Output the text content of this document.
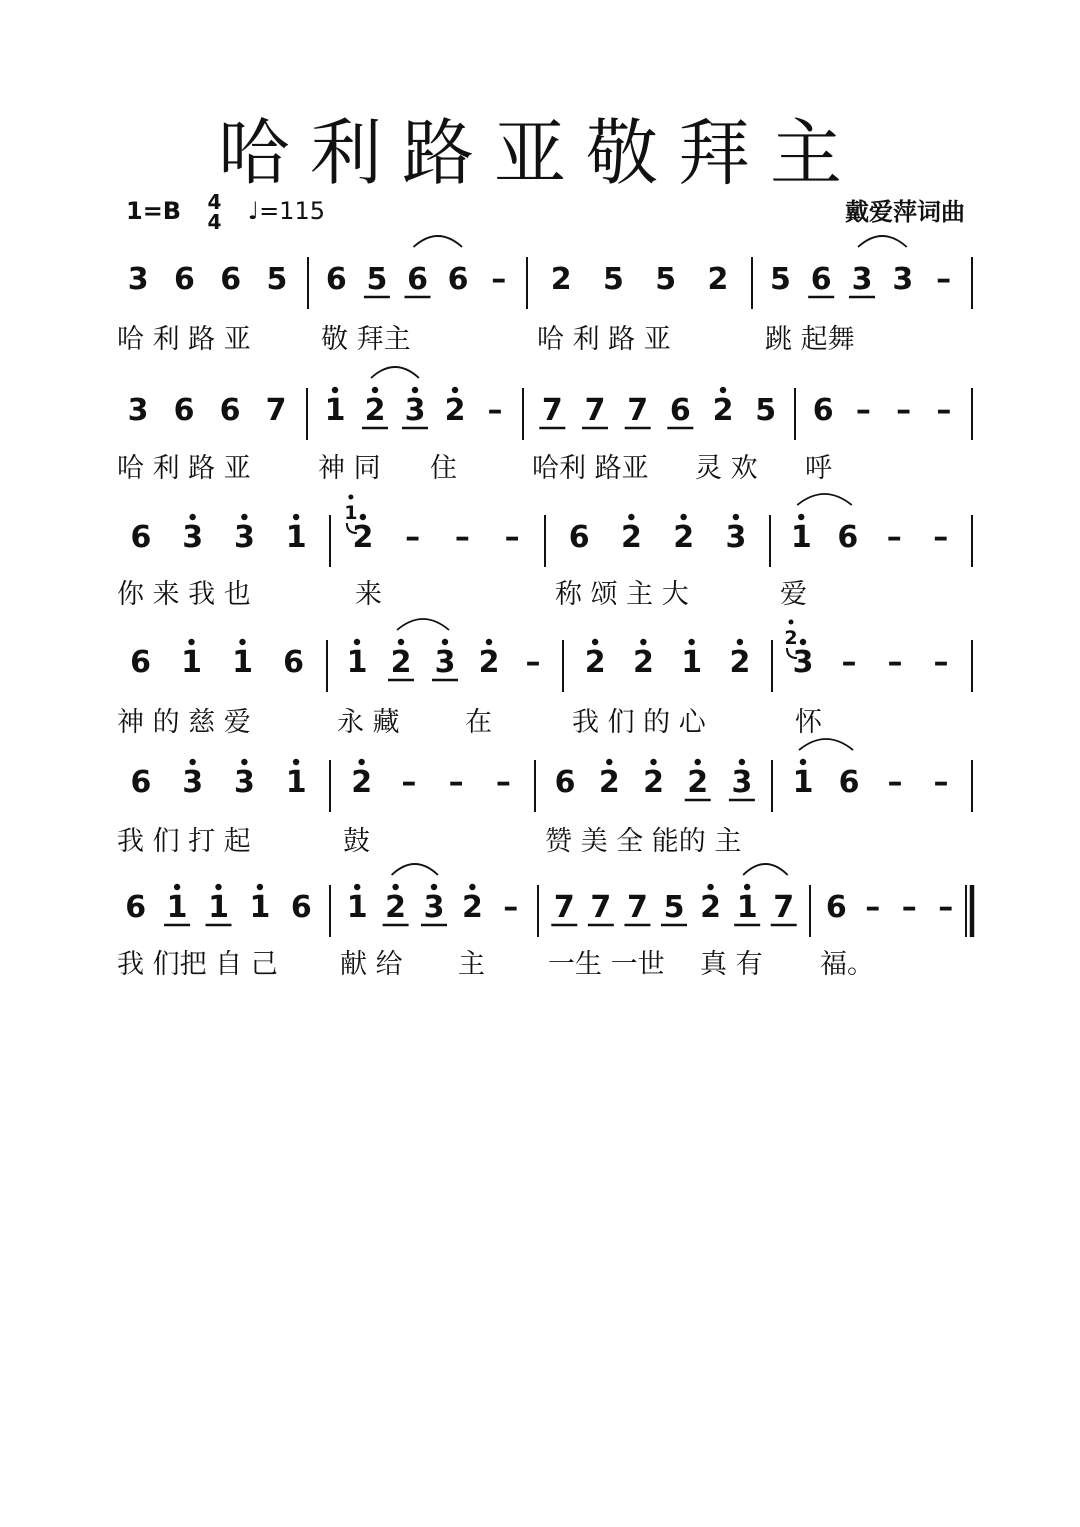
哈利路亚敬拜主
1=B 4
4 ♩=115	戴爱萍词曲
3 6 6 5 6 5 6 6 – 2 5 5 2 5 6 3 3 –
哈 利 路 亚	敬 拜主	哈 利 路 亚	跳 起舞
3 6 6 7 1 2 3 2 – 7 7 7 6 2 5 6 – – –
哈 利 路 亚 神 同 住	哈利 路亚 灵 欢 呼
6 3 3 1 2
1
– – – 6 2 2 3 1 6 – –
你 来 我 也	来	称 颂 主 大	爱
6 1 1 6 1 2 3 2 – 2 2 1 2 3
2
– – –
神 的 慈 爱	永 藏 在	我 们 的 心	怀
6 3 3 1 2 – – – 6 2 2 2 3 1 6 – –
我 们 打 起	鼓	赞 美 全 能的 主
6 1 1 1 6 1 2 3 2 – 7 7 7 5 2 1 7 6 – – –
我 们把 自 己 献 给 主 一生 一世 真 有 福。
